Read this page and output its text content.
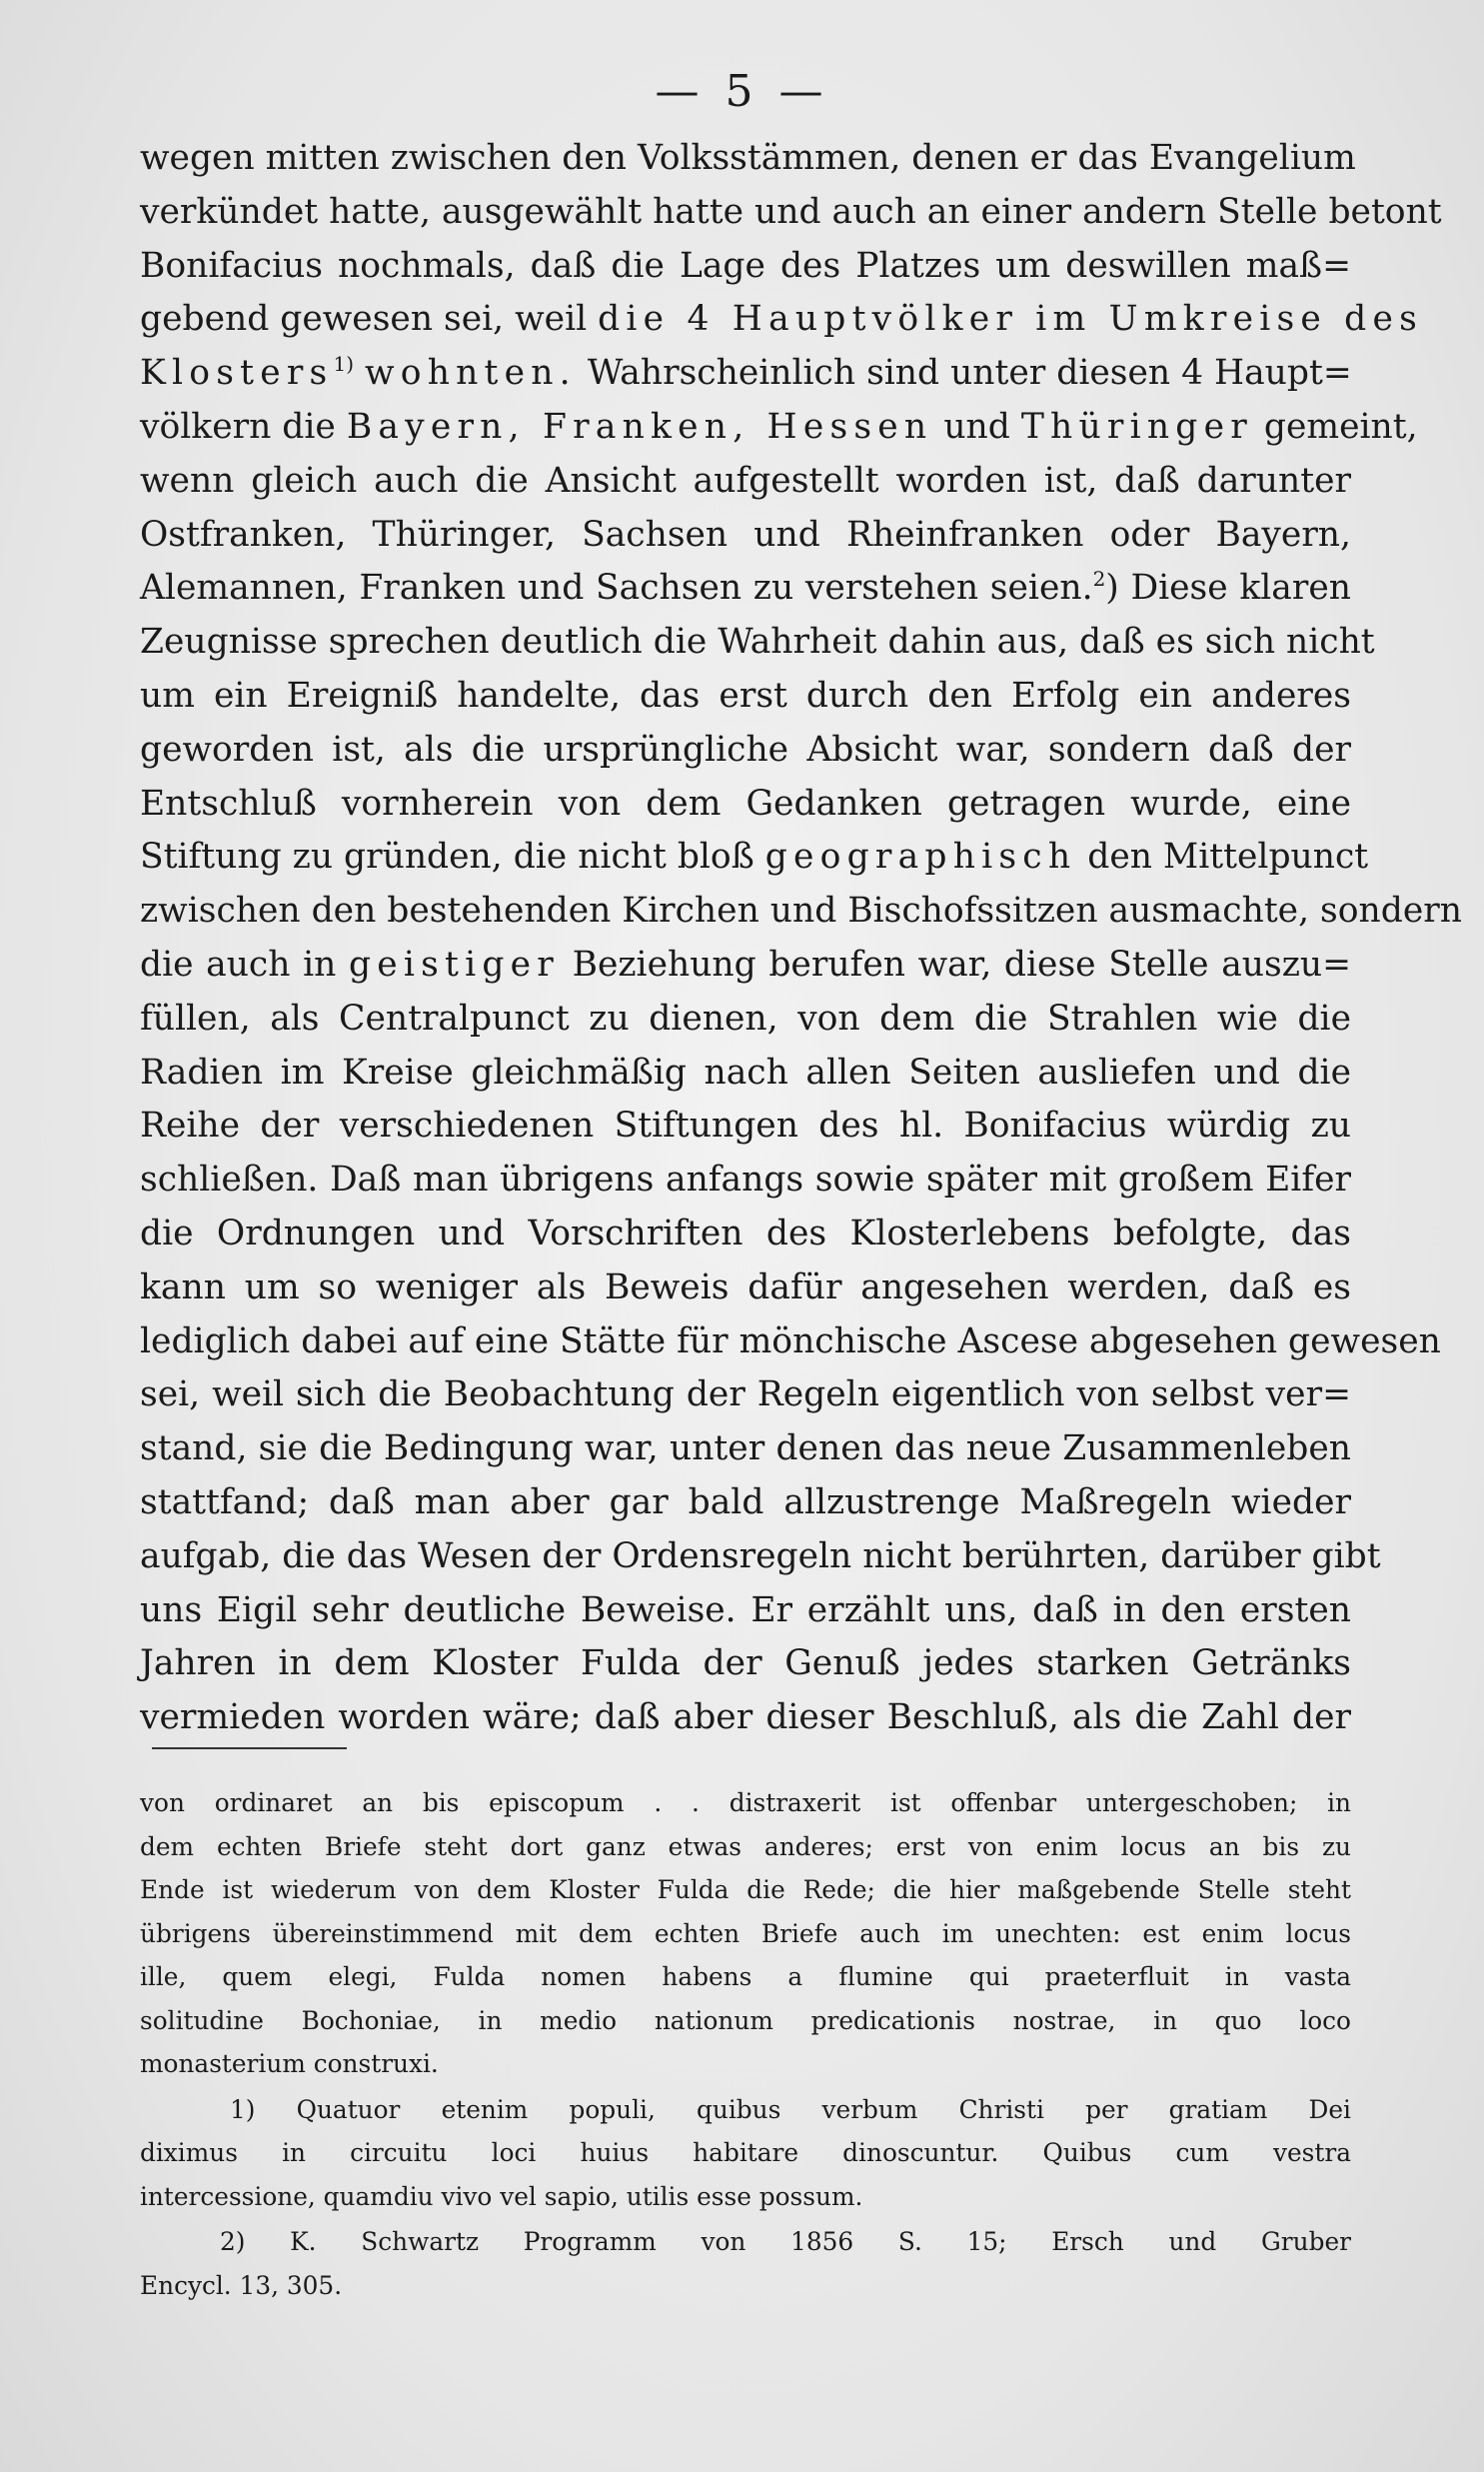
— 5 —
wegen mitten zwischen den Volksstämmen, denen er das Evangelium
verkündet hatte, ausgewählt hatte und auch an einer andern Stelle betont
Bonifacius nochmals, daß die Lage des Platzes um deswillen maß=
gebend gewesen sei, weil die 4 Hauptvölker im Umkreise des
Klosters$^{1)}$ wohnten. Wahrscheinlich sind unter diesen 4 Haupt=
völkern die Bayern, Franken, Hessen und Thüringer gemeint,
wenn gleich auch die Ansicht aufgestellt worden ist, daß darunter
Ostfranken, Thüringer, Sachsen und Rheinfranken oder Bayern,
Alemannen, Franken und Sachsen zu verstehen seien.$^2$) Diese klaren
Zeugnisse sprechen deutlich die Wahrheit dahin aus, daß es sich nicht
um ein Ereigniß handelte, das erst durch den Erfolg ein anderes
geworden ist, als die ursprüngliche Absicht war, sondern daß der
Entschluß vornherein von dem Gedanken getragen wurde, eine
Stiftung zu gründen, die nicht bloß geographisch den Mittelpunct
zwischen den bestehenden Kirchen und Bischofssitzen ausmachte, sondern
die auch in geistiger Beziehung berufen war, diese Stelle auszu=
füllen, als Centralpunct zu dienen, von dem die Strahlen wie die
Radien im Kreise gleichmäßig nach allen Seiten ausliefen und die
Reihe der verschiedenen Stiftungen des hl. Bonifacius würdig zu
schließen. Daß man übrigens anfangs sowie später mit großem Eifer
die Ordnungen und Vorschriften des Klosterlebens befolgte, das
kann um so weniger als Beweis dafür angesehen werden, daß es
lediglich dabei auf eine Stätte für mönchische Ascese abgesehen gewesen
sei, weil sich die Beobachtung der Regeln eigentlich von selbst ver=
stand, sie die Bedingung war, unter denen das neue Zusammenleben
stattfand; daß man aber gar bald allzustrenge Maßregeln wieder
aufgab, die das Wesen der Ordensregeln nicht berührten, darüber gibt
uns Eigil sehr deutliche Beweise. Er erzählt uns, daß in den ersten
Jahren in dem Kloster Fulda der Genuß jedes starken Getränks
vermieden worden wäre; daß aber dieser Beschluß, als die Zahl der
von ordinaret an bis episcopum . . distraxerit ist offenbar untergeschoben; in
dem echten Briefe steht dort ganz etwas anderes; erst von enim locus an bis zu
Ende ist wiederum von dem Kloster Fulda die Rede; die hier maßgebende Stelle steht
übrigens übereinstimmend mit dem echten Briefe auch im unechten: est enim locus
ille, quem elegi, Fulda nomen habens a flumine qui praeterfluit in vasta
solitudine Bochoniae, in medio nationum predicationis nostrae, in quo loco
monasterium construxi.
1) Quatuor etenim populi, quibus verbum Christi per gratiam Dei
diximus in circuitu loci huius habitare dinoscuntur. Quibus cum vestra
intercessione, quamdiu vivo vel sapio, utilis esse possum.
2) K. Schwartz Programm von 1856 S. 15; Ersch und Gruber
Encycl. 13, 305.
